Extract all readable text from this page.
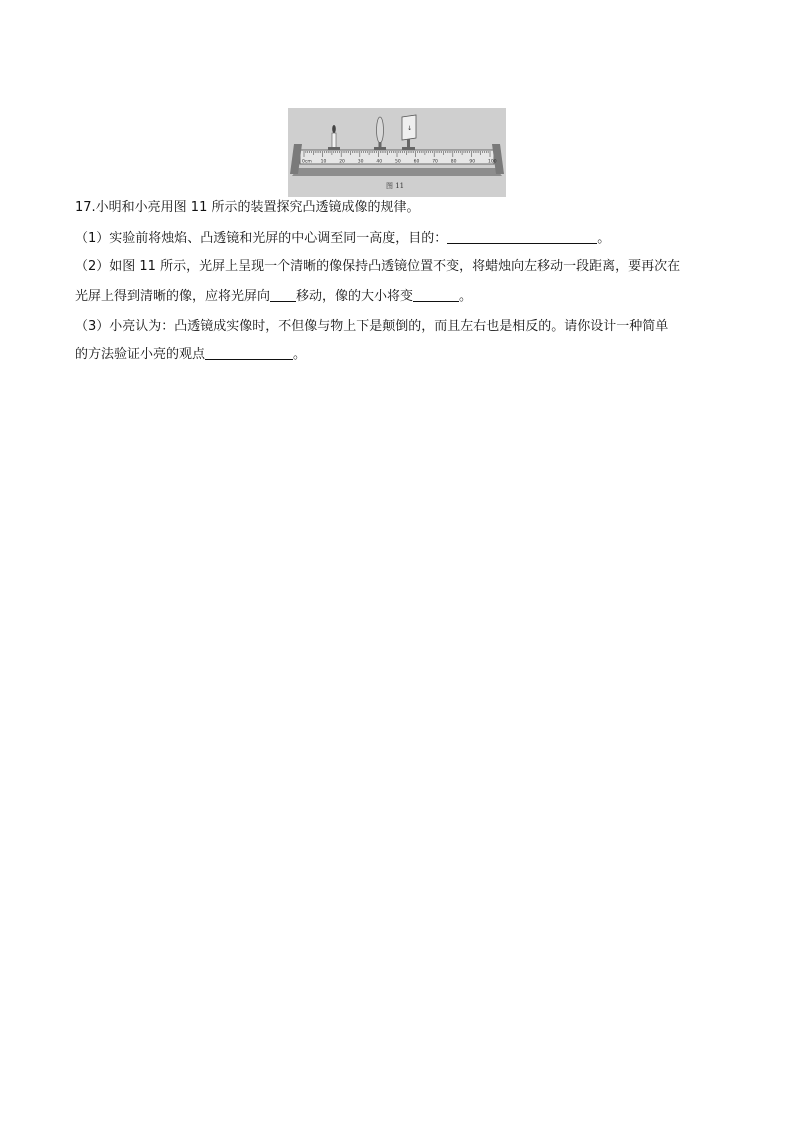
0cm 10	20	30	40	50	60	70	80	90	100
↓
图 11
17.小明和小亮用图 11 所示的装置探究凸透镜成像的规律。
（1）实验前将烛焰、凸透镜和光屏的中心调至同一高度，目的：	。
（2）如图 11 所示，光屏上呈现一个清晰的像保持凸透镜位置不变，将蜡烛向左移动一段距离，要再次在
光屏上得到清晰的像，应将光屏向 移动，像的大小将变	。
（3）小亮认为：凸透镜成实像时，不但像与物上下是颠倒的，而且左右也是相反的。请你设计一种简单
的方法验证小亮的观点	。
